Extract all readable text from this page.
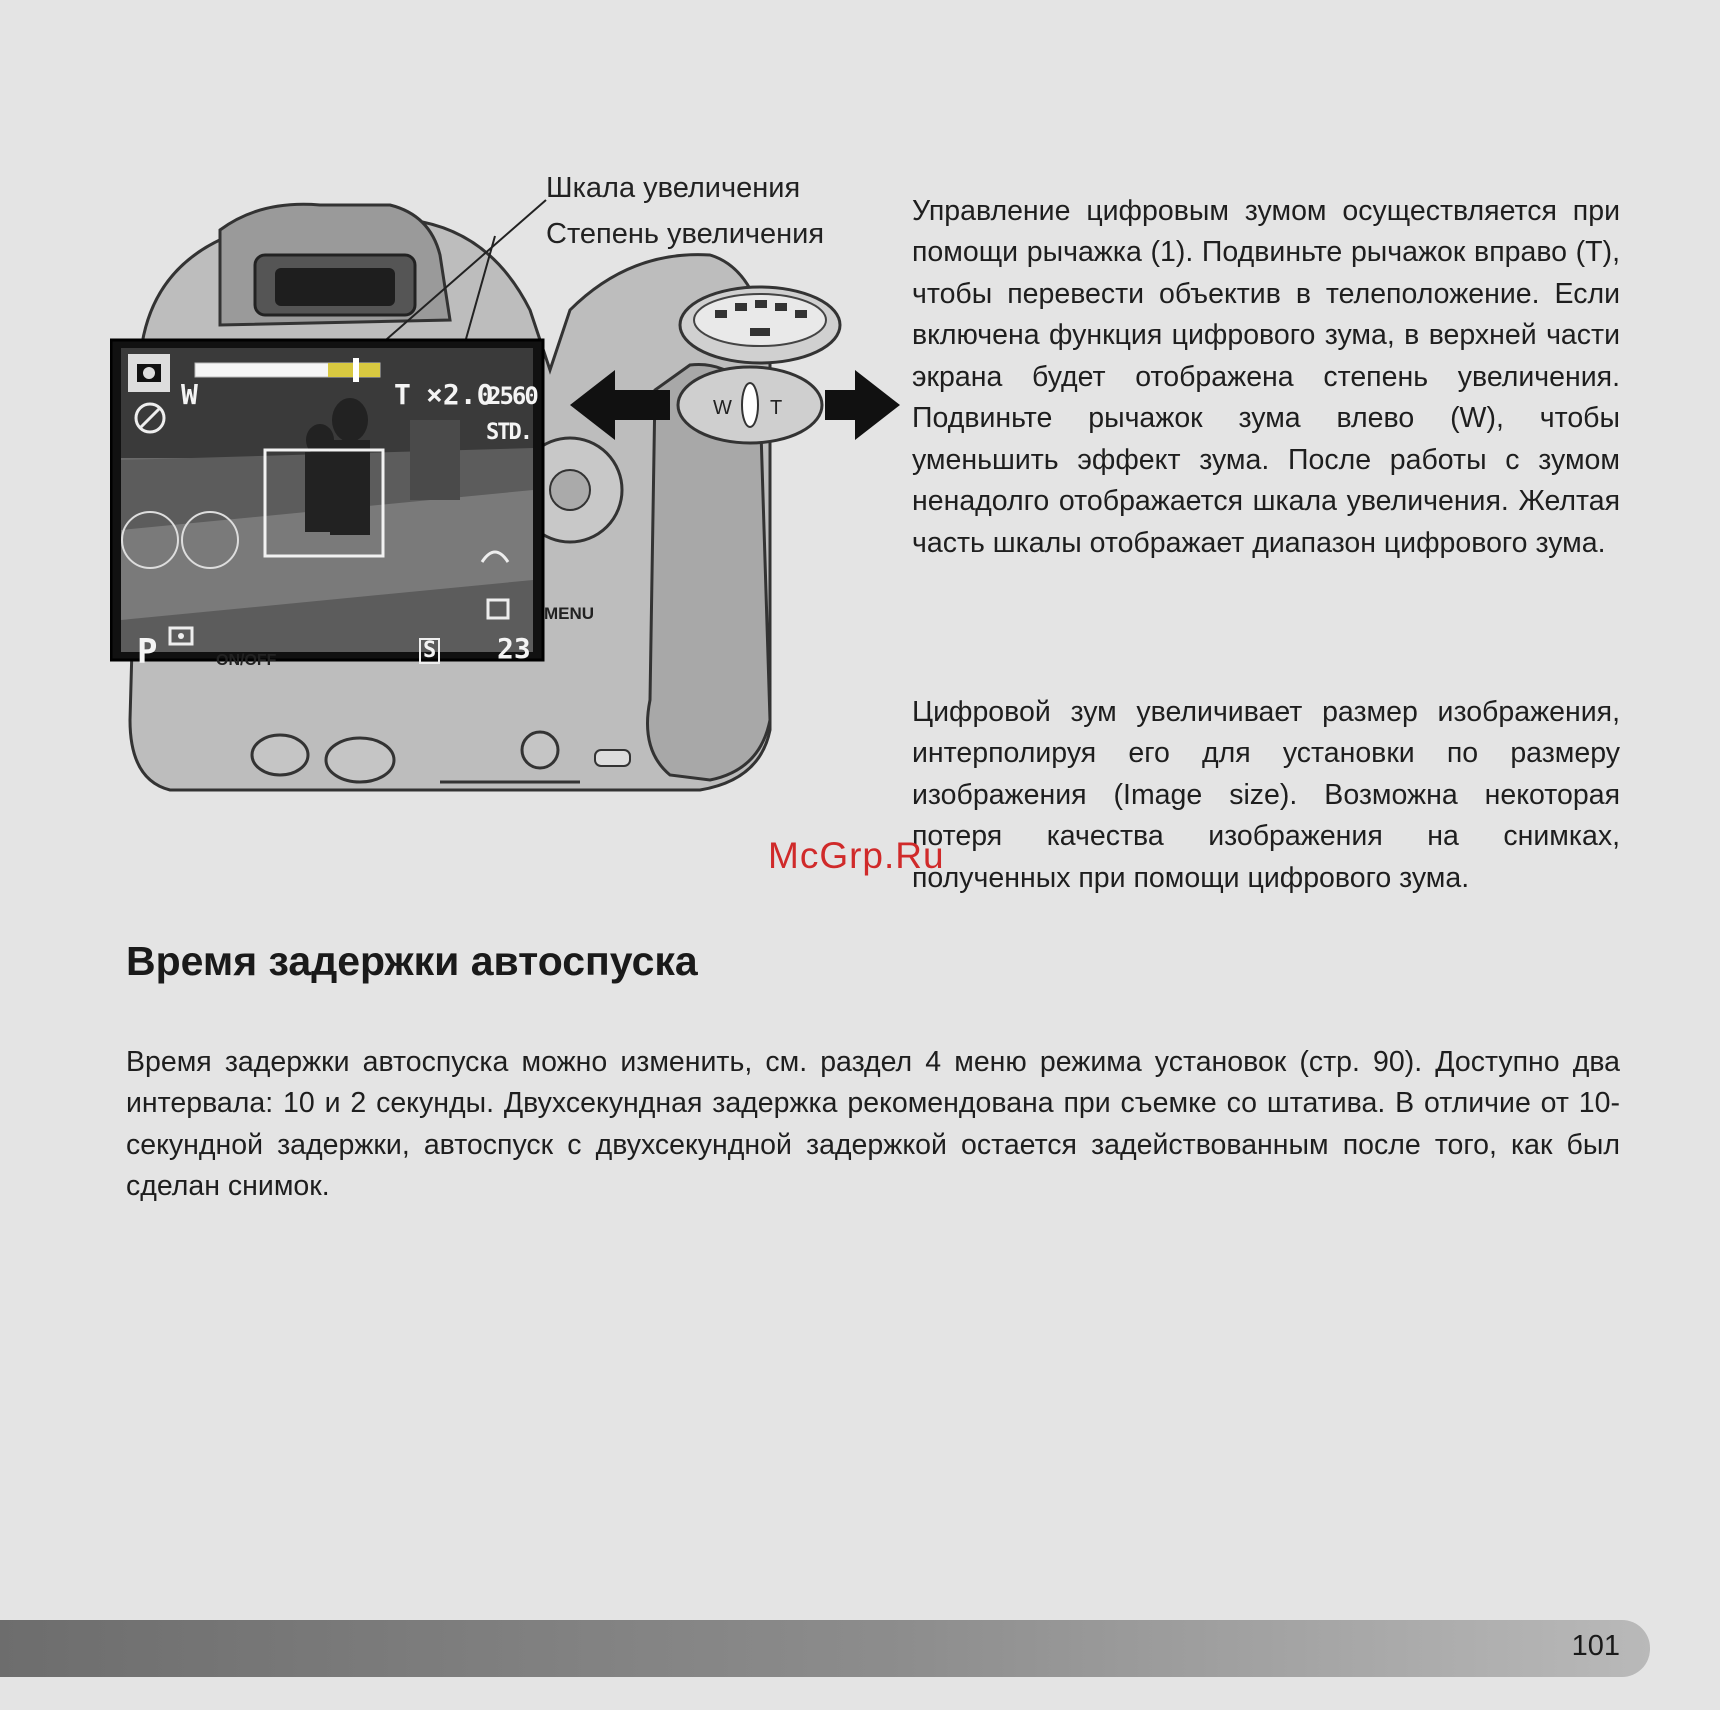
W T
Шкала увеличения
Степень увеличения
W	T ×2.0
2560
STD.
P	S 23
MENU
ON/OFF

Управление цифровым зумом осуществляется при помощи рычажка (1). Подвиньте рычажок вправо (T), чтобы перевести объектив в телеположение. Если включена функция цифрового зума, в верхней части экрана будет отображена степень увеличения. Подвиньте рычажок зума влево (W), чтобы уменьшить эффект зума. После работы с зумом ненадолго отображается шкала увеличения. Желтая часть шкалы отображает диапазон цифрового зума.

Цифровой зум увеличивает размер изображения, интерполируя его для установки по размеру изображения (Image size). Возможна некоторая потеря качества изображения на снимках, полученных при помощи цифрового зума.

McGrp.Ru
Время задержки автоспуска

Время задержки автоспуска можно изменить, см. раздел 4 меню режима установок (стр. 90). Доступно два интервала: 10 и 2 секунды. Двухсекундная задержка рекомендована при съемке со штатива. В отличие от 10-секундной задержки, автоспуск с двухсекундной задержкой остается задействованным после того, как был сделан снимок.

101
